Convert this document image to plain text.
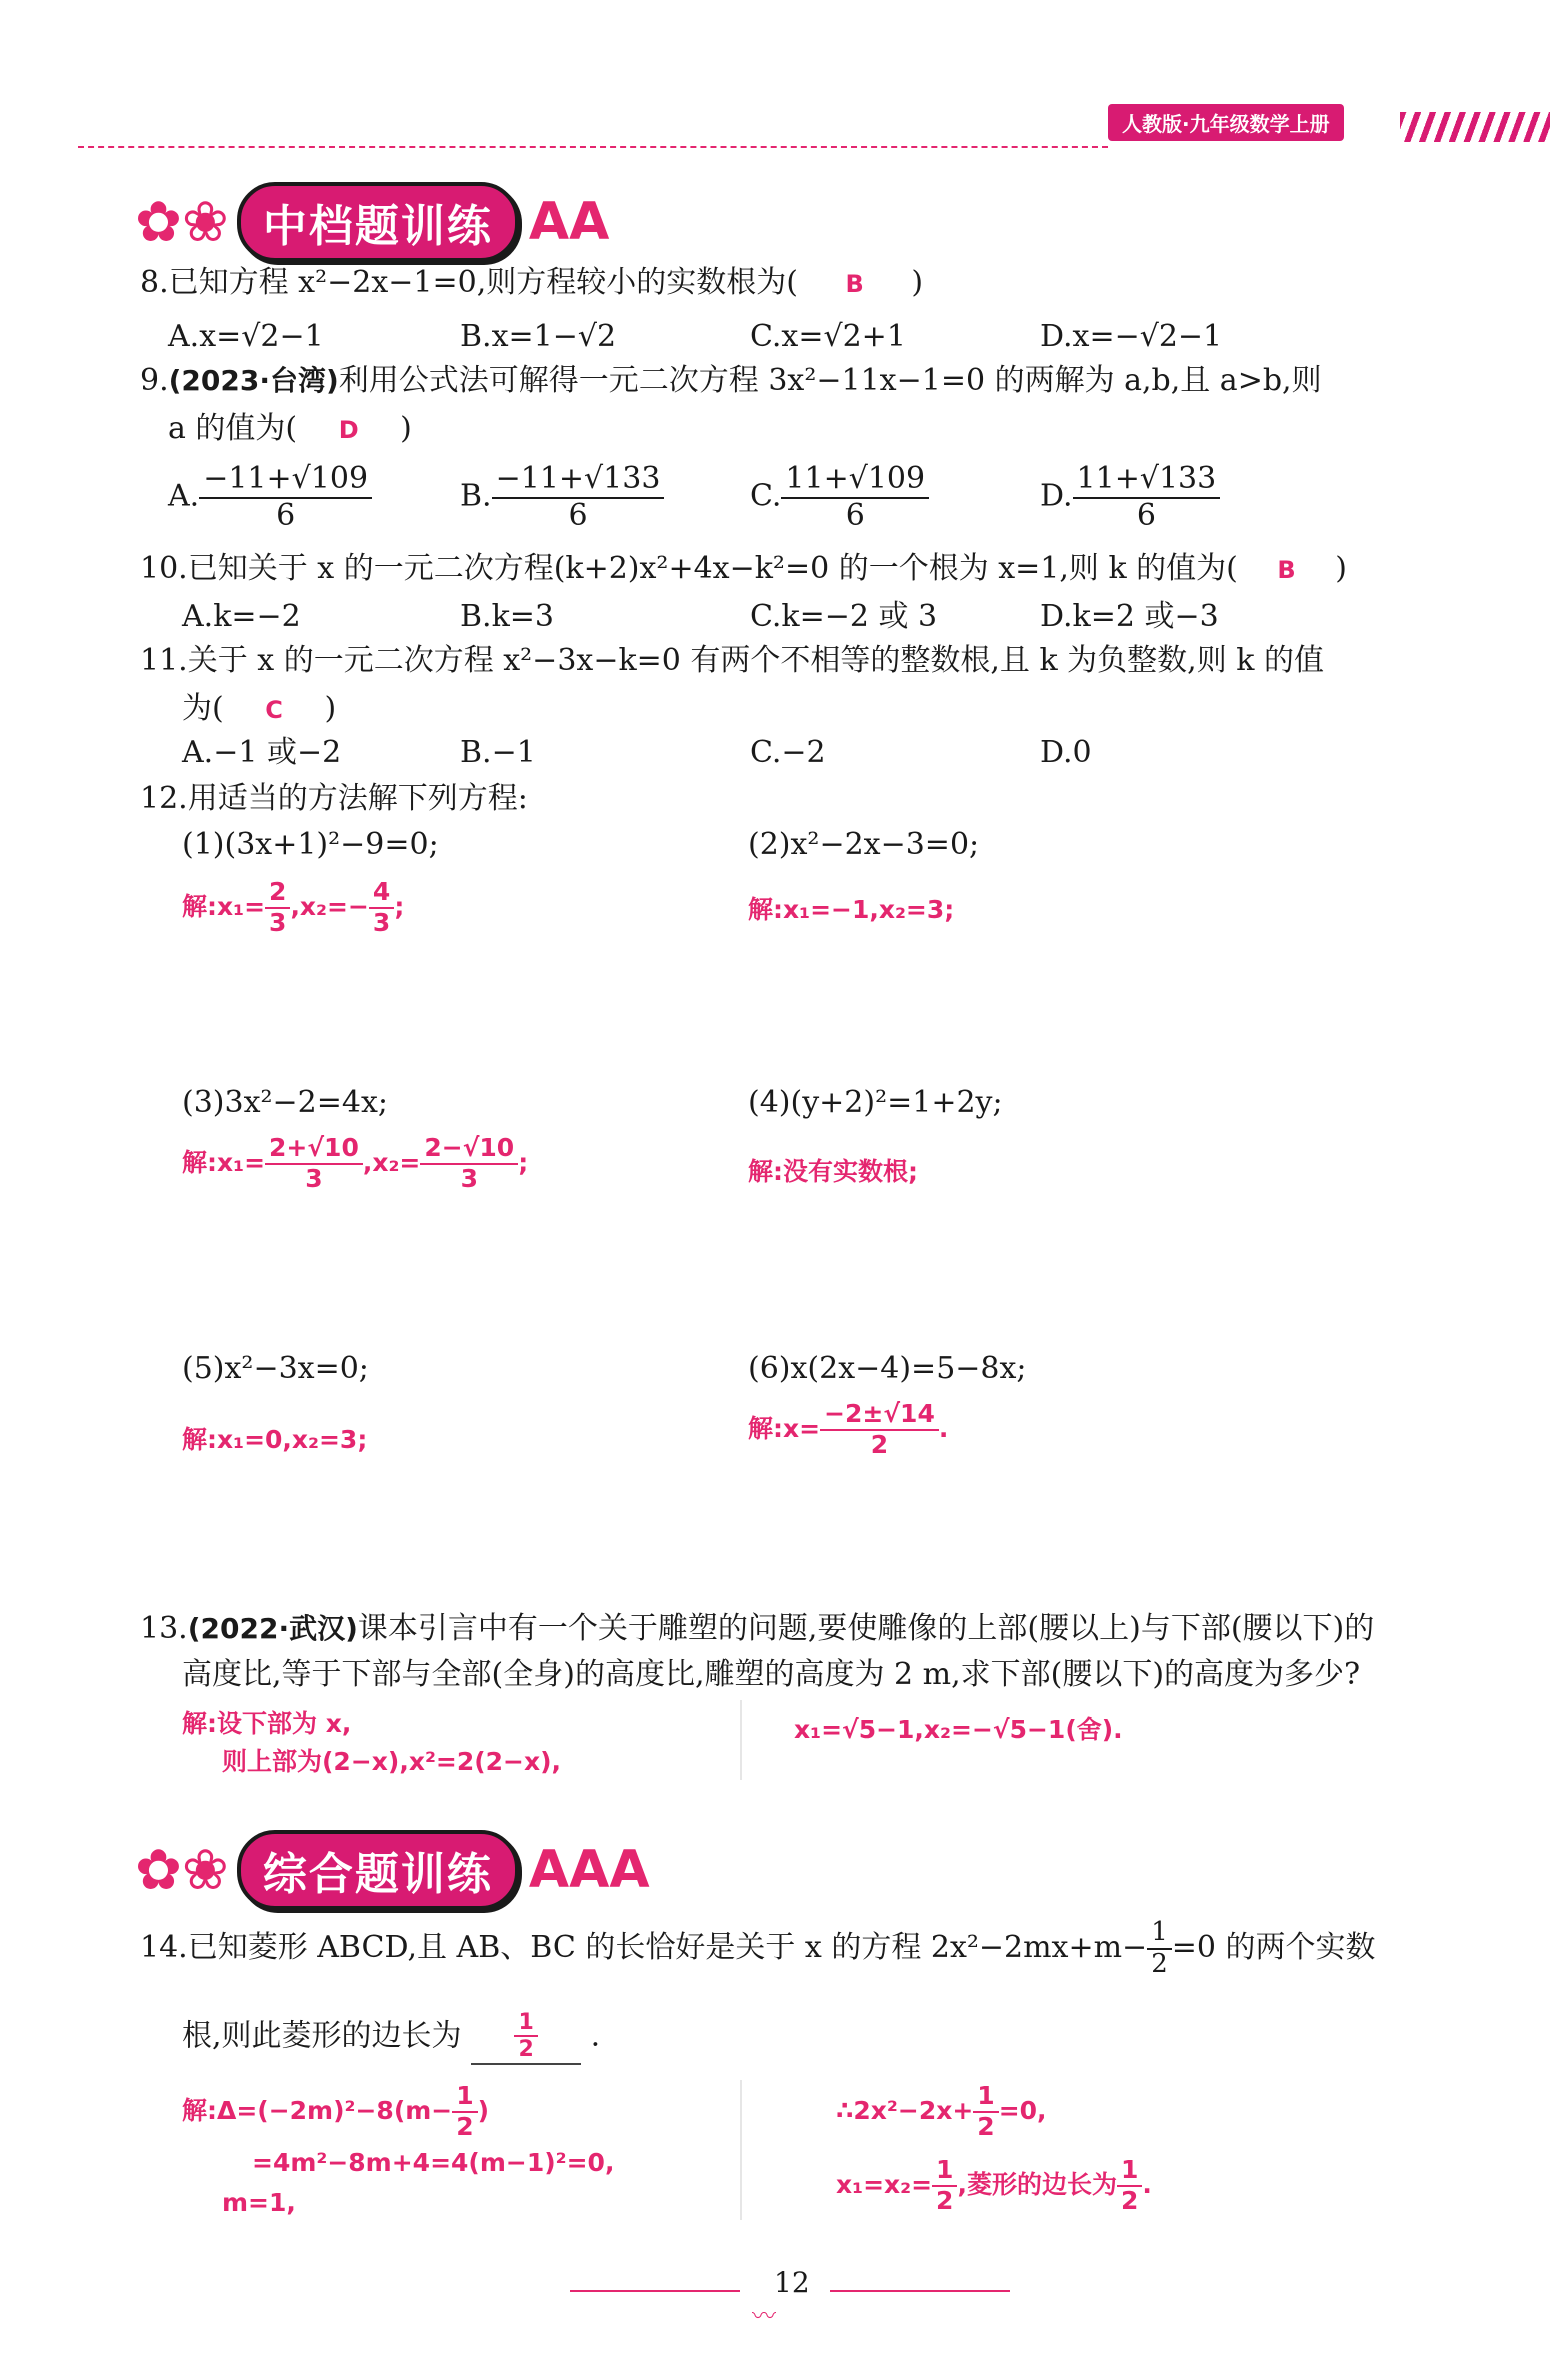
人教版·九年级数学上册
✿❀ 中档题训练 AA
8.已知方程 x²−2x−1=0,则方程较小的实数根为( B )
A.x=√2−1	B.x=1−√2	C.x=√2+1	D.x=−√2−1
9.(2023·台湾)利用公式法可解得一元二次方程 3x²−11x−1=0 的两解为 a,b,且 a>b,则
a 的值为( D )
A. $\frac{-11+√109}{6}$	B. $\frac{-11+√133}{6}$	C. $\frac{11+√109}{6}$	D. $\frac{11+√133}{6}$
10.已知关于 x 的一元二次方程(k+2)x²+4x−k²=0 的一个根为 x=1,则 k 的值为( B )
A.k=−2	B.k=3	C.k=−2 或 3	D.k=2 或−3
11.关于 x 的一元二次方程 x²−3x−k=0 有两个不相等的整数根,且 k 为负整数,则 k 的值
为( C )
A.−1 或−2	B.−1	C.−2	D.0
12.用适当的方法解下列方程:
(1)(3x+1)²−9=0;
解:x₁= $\frac{2}{3} ,x_2=- \frac{4}{3}$ ;
(2)x²−2x−3=0;
解:x₁=−1,x₂=3;
(3)3x²−2=4x;
解:x₁= $\frac{2+√10}{3} ,x_2= \frac{2-√10}{3}$ ;
(4)(y+2)²=1+2y;
解:没有实数根;
(5)x²−3x=0;
解:x₁=0,x₂=3;
(6)x(2x−4)=5−8x;
解:x= $\frac{-2\pm√14}{2}$ .
13.(2022·武汉)课本引言中有一个关于雕塑的问题,要使雕像的上部(腰以上)与下部(腰以下)的
高度比,等于下部与全部(全身)的高度比,雕塑的高度为 2 m,求下部(腰以下)的高度为多少?
解:设下部为 x,
则上部为(2−x),x²=2(2−x),
x₁=√5−1,x₂=−√5−1(舍).
✿❀ 综合题训练 AAA
14.已知菱形 ABCD,且 AB、BC 的长恰好是关于 x 的方程 $2x^2-2mx+m- \frac{1}{2} =0$ 的两个实数
根,则此菱形的边长为 $\frac{1}{2}$ .
解:Δ=(−2m)²−8(m− $\frac{1}{2}$ )
=4m²−8m+4=4(m−1)²=0,
m=1,
∴2x²−2x+ $\frac{1}{2} =0$,
$x_1=x_2= \frac{1}{2}$ ,菱形的边长为 $\frac{1}{2}$ .
12
〰
